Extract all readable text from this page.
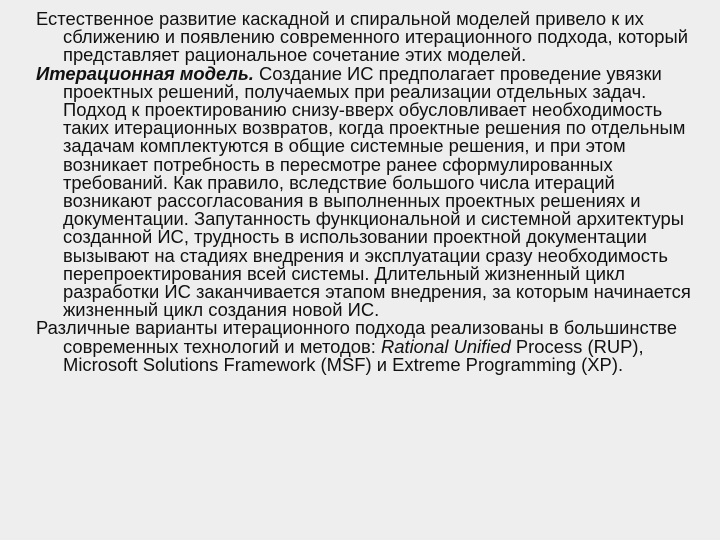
Естественное развитие каскадной и спиральной моделей привело к их сближению и появлению современного итерационного подхода, который представляет рациональное сочетание этих моделей.

Итерационная модель. Создание ИС предполагает проведение увязки проектных решений, получаемых при реализации отдельных задач. Подход к проектированию снизу-вверх обусловливает необходимость таких итерационных возвратов, когда проектные решения по отдельным задачам комплектуются в общие системные решения, и при этом возникает потребность в пересмотре ранее сформулированных требований. Как правило, вследствие большого числа итераций возникают рассогласования в выполненных проектных решениях и документации. Запутанность функциональной и системной архитектуры созданной ИС, трудность в использовании проектной документации вызывают на стадиях внедрения и эксплуатации сразу необходимость перепроектирования всей системы. Длительный жизненный цикл разработки ИС заканчивается этапом внедрения, за которым начинается жизненный цикл создания новой ИС.

Различные варианты итерационного подхода реализованы в большинстве современных технологий и методов: Rational Unified Process (RUP), Microsoft Solutions Framework (MSF) и Extreme Programming (XP).
